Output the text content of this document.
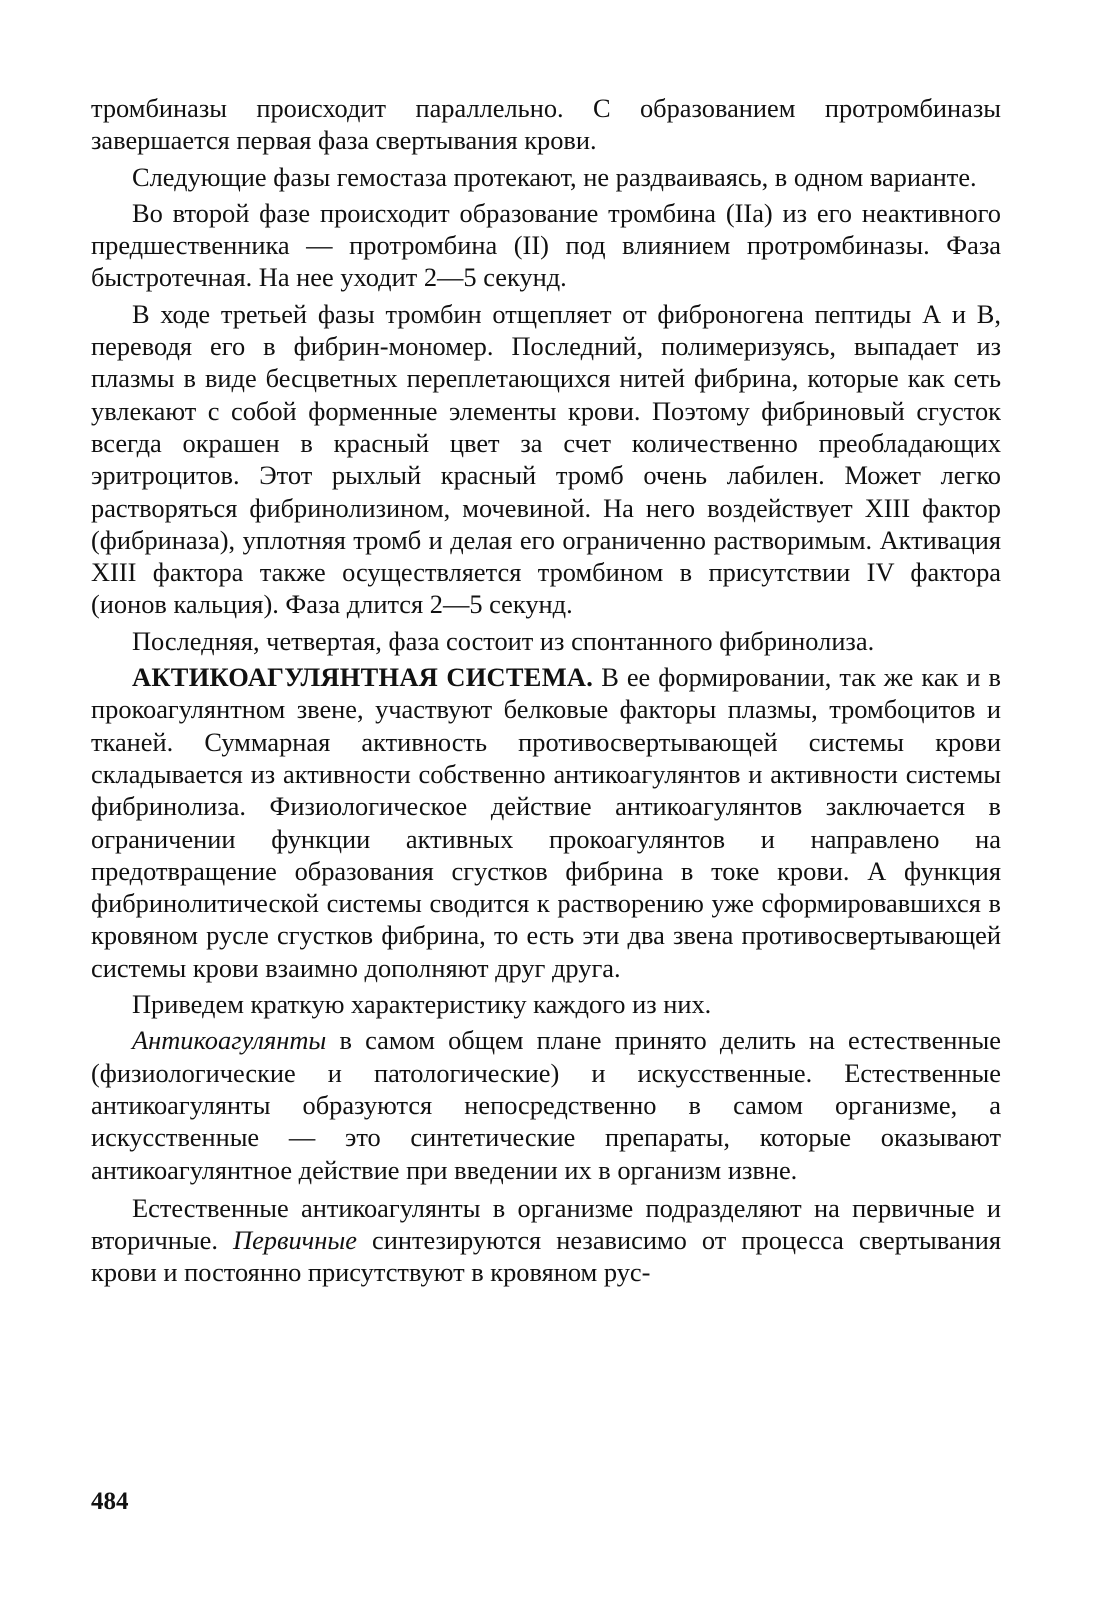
тромбиназы происходит параллельно. С образованием протромбиназы завершается первая фаза свертывания крови.

Следующие фазы гемостаза протекают, не раздваиваясь, в одном варианте.

Во второй фазе происходит образование тромбина (IIa) из его неактивного предшественника — протромбина (II) под влиянием протромбиназы. Фаза быстротечная. На нее уходит 2—5 секунд.

В ходе третьей фазы тромбин отщепляет от фиброногена пептиды А и В, переводя его в фибрин-мономер. Последний, полимеризуясь, выпадает из плазмы в виде бесцветных переплетающихся нитей фибрина, которые как сеть увлекают с собой форменные элементы крови. Поэтому фибриновый сгусток всегда окрашен в красный цвет за счет количественно преобладающих эритроцитов. Этот рыхлый красный тромб очень лабилен. Может легко растворяться фибринолизином, мочевиной. На него воздействует XIII фактор (фибриназа), уплотняя тромб и делая его ограниченно растворимым. Активация XIII фактора также осуществляется тромбином в присутствии IV фактора (ионов кальция). Фаза длится 2—5 секунд.

Последняя, четвертая, фаза состоит из спонтанного фибринолиза.

АКТИКОАГУЛЯНТНАЯ СИСТЕМА. В ее формировании, так же как и в прокоагулянтном звене, участвуют белковые факторы плазмы, тромбоцитов и тканей. Суммарная активность противосвертывающей системы крови складывается из активности собственно антикоагулянтов и активности системы фибринолиза. Физиологическое действие антикоагулянтов заключается в ограничении функции активных прокоагулянтов и направлено на предотвращение образования сгустков фибрина в токе крови. А функция фибринолитической системы сводится к растворению уже сформировавшихся в кровяном русле сгустков фибрина, то есть эти два звена противосвертывающей системы крови взаимно дополняют друг друга.

Приведем краткую характеристику каждого из них.

Антикоагулянты в самом общем плане принято делить на естественные (физиологические и патологические) и искусственные. Естественные антикоагулянты образуются непосредственно в самом организме, а искусственные — это синтетические препараты, которые оказывают антикоагулянтное действие при введении их в организм извне.

Естественные антикоагулянты в организме подразделяют на первичные и вторичные. Первичные синтезируются независимо от процесса свертывания крови и постоянно присутствуют в кровяном рус-

484
